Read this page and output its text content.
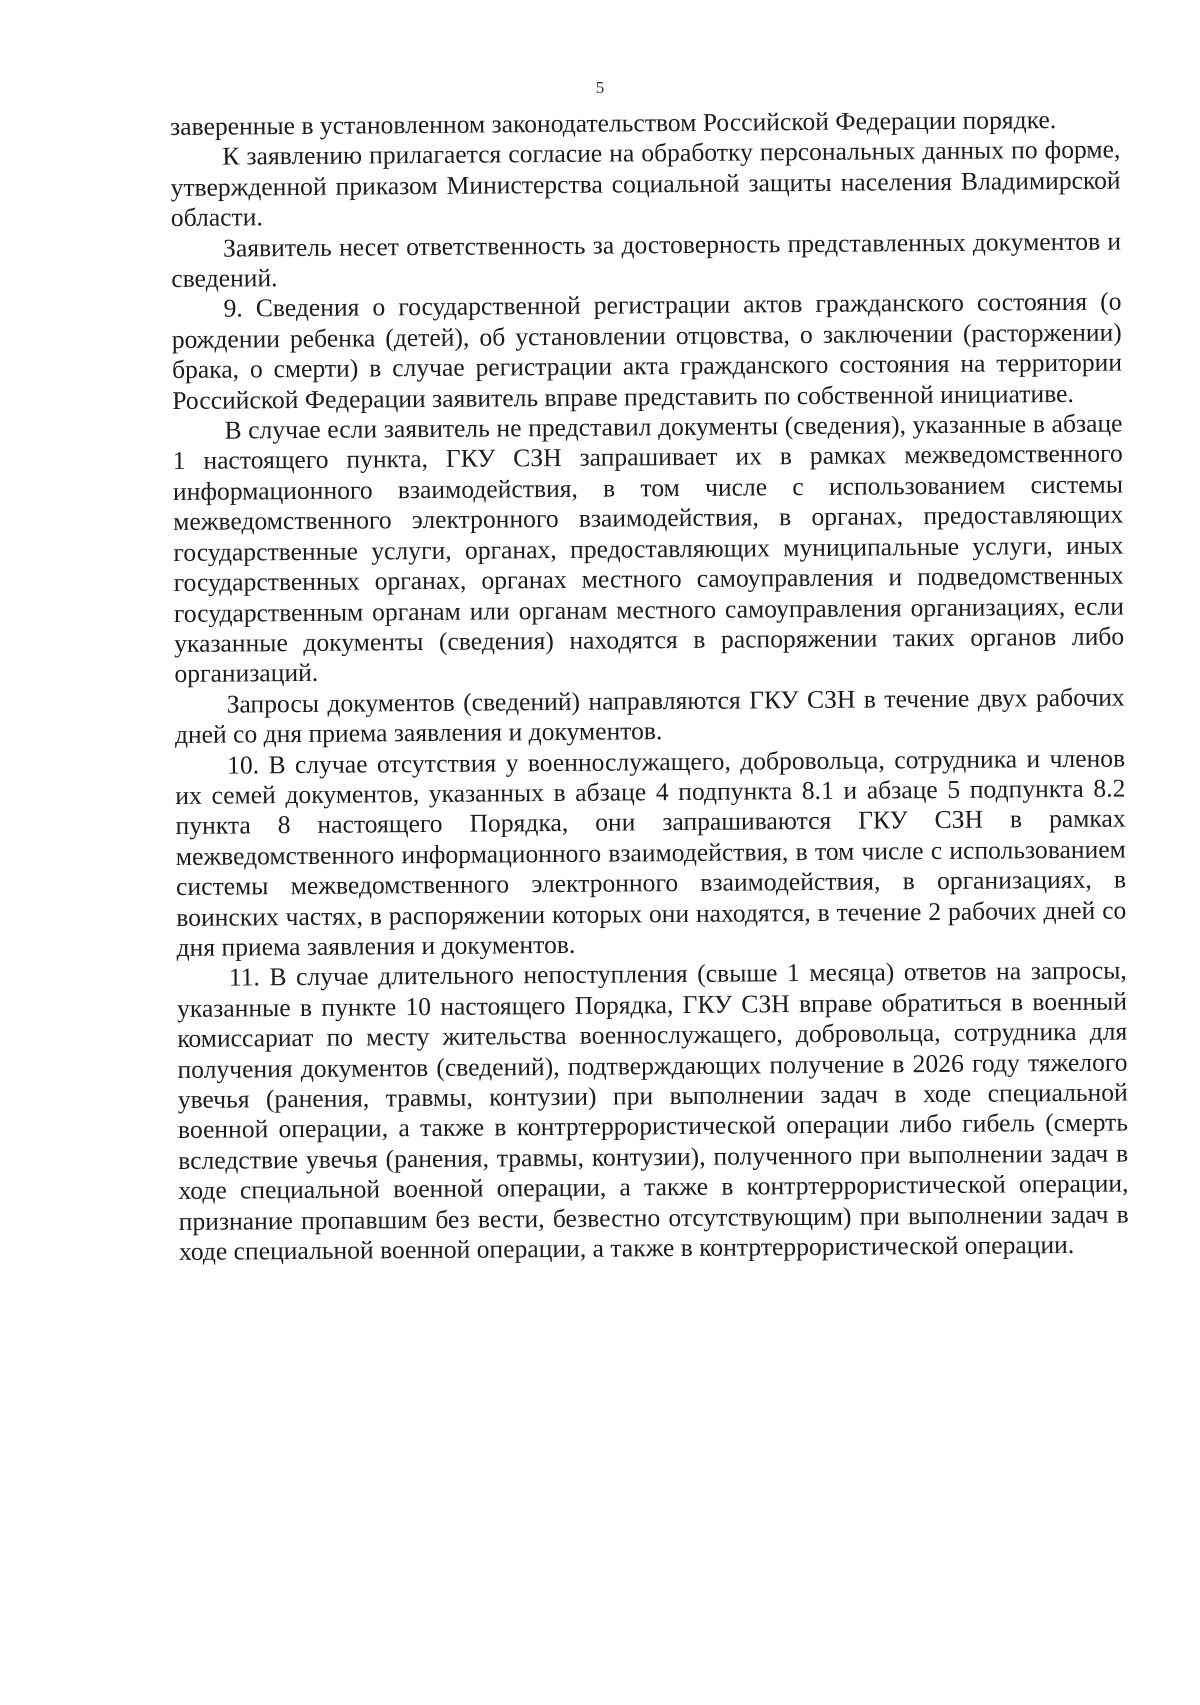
5

заверенные в установленном законодательством Российской Федерации порядке.

К заявлению прилагается согласие на обработку персональных данных по форме, утвержденной приказом Министерства социальной защиты населения Владимирской области.

Заявитель несет ответственность за достоверность представленных документов и сведений.

9. Сведения о государственной регистрации актов гражданского состояния (о рождении ребенка (детей), об установлении отцовства, о заключении (расторжении) брака, о смерти) в случае регистрации акта гражданского состояния на территории Российской Федерации заявитель вправе представить по собственной инициативе.

В случае если заявитель не представил документы (сведения), указанные в абзаце 1 настоящего пункта, ГКУ СЗН запрашивает их в рамках межведомственного информационного взаимодействия, в том числе с использованием системы межведомственного электронного взаимодействия, в органах, предоставляющих государственные услуги, органах, предоставляющих муниципальные услуги, иных государственных органах, органах местного самоуправления и подведомственных государственным органам или органам местного самоуправления организациях, если указанные документы (сведения) находятся в распоряжении таких органов либо организаций.

Запросы документов (сведений) направляются ГКУ СЗН в течение двух рабочих дней со дня приема заявления и документов.

10. В случае отсутствия у военнослужащего, добровольца, сотрудника и членов их семей документов, указанных в абзаце 4 подпункта 8.1 и абзаце 5 подпункта 8.2 пункта 8 настоящего Порядка, они запрашиваются ГКУ СЗН в рамках межведомственного информационного взаимодействия, в том числе с использованием системы межведомственного электронного взаимодействия, в организациях, в воинских частях, в распоряжении которых они находятся, в течение 2 рабочих дней со дня приема заявления и документов.

11. В случае длительного непоступления (свыше 1 месяца) ответов на запросы, указанные в пункте 10 настоящего Порядка, ГКУ СЗН вправе обратиться в военный комиссариат по месту жительства военнослужащего, добровольца, сотрудника для получения документов (сведений), подтверждающих получение в 2026 году тяжелого увечья (ранения, травмы, контузии) при выполнении задач в ходе специальной военной операции, а также в контртеррористической операции либо гибель (смерть вследствие увечья (ранения, травмы, контузии), полученного при выполнении задач в ходе специальной военной операции, а также в контртеррористической операции, признание пропавшим без вести, безвестно отсутствующим) при выполнении задач в ходе специальной военной операции, а также в контртеррористической операции.
